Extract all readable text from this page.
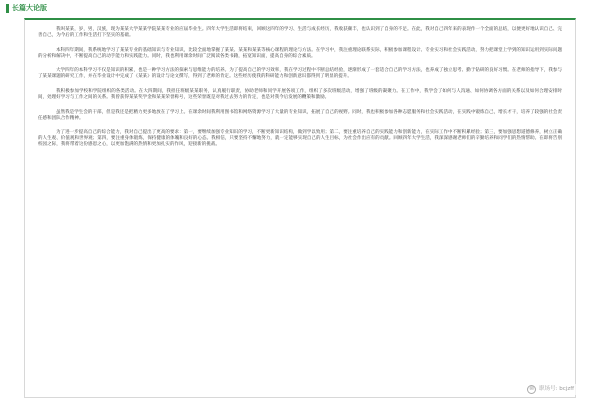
长篇大论版

我叫某某，岁，男，汉族，现为某某大学某某学院某某专业的应届毕业生。四年大学生活即将结束，回顾这四年的学习、生活与成长经历，我收获颇丰，也认识到了自身的不足。在此，我对自己四年来的表现作一个全面的总结，以便更好地认识自己、完善自己，为今后的工作和生活打下坚实的基础。

本科四年期间，我系统地学习了某某专业的基础知识与专业知识，比较全面地掌握了某某、某某和某某等核心课程的理论与方法。在学习中，我注重理论联系实际，积极参加课程设计、专业实习和社会实践活动，努力把课堂上学到的知识运用到实际问题的分析和解决中，不断提高自己的动手能力和实践能力。同时，我也利用课余时间广泛阅读各类书籍，拓宽知识面，提高自身的综合素质。

大学四年的本科学习不仅是知识的积累，也是一种学习方法的探索与思维能力的培养。为了提高自己的学习效率，我在学习过程中不断总结经验，逐渐形成了一套适合自己的学习方法，也养成了独立思考、勤于钻研的良好习惯。在老师的指导下，我参与了某某课题的研究工作，并在毕业设计中完成了《某某》的设计与论文撰写，得到了老师的肯定。这些经历使我的科研能力和创新意识都得到了明显的提升。

我积极参加学校和学院组织的各类活动。在大四期间，我担任班级某某职务，认真履行职责，协助老师和同学开展各项工作，组织了多次班级活动，增强了班级的凝聚力。在工作中，我学会了如何与人沟通、如何协调各方面的关系以及如何合理安排时间，处理好学习与工作之间的关系。我曾获得某某奖学金和某某荣誉称号，这些荣誉既是对我过去努力的肯定，也是对我今后发展的鞭策和激励。

虽然我是学生会的干部，但是我还是把精力更多地放在了学习上。在课余时间我利用图书馆和网络资源学习了大量的专业知识，拓展了自己的视野。同时，我也积极参加各种志愿服务和社会实践活动，在实践中锻炼自己，增长才干，培养了较强的社会责任感和团队合作精神。

为了进一步提高自己的综合能力，我对自己提出了更高的要求：第一，要继续加强专业知识的学习，不断更新知识结构，做到学以致用；第二，要注重培养自己的实践能力和创新能力，在实际工作中不断积累经验；第三，要加强思想道德修养，树立正确的人生观、价值观和世界观；第四，要注重身体锻炼，保持健康的体魄和良好的心态。我相信，只要坚持不懈地努力，就一定能够实现自己的人生目标，为社会作出应有的贡献。回顾四年大学生活，我深深感谢老师们的辛勤培养和同学们的热情帮助。在即将告别校园之际，我将带着这份感恩之心，以更加饱满的热情和更加扎实的作风，迎接新的挑战。

✉ 职场号: bcjzff
